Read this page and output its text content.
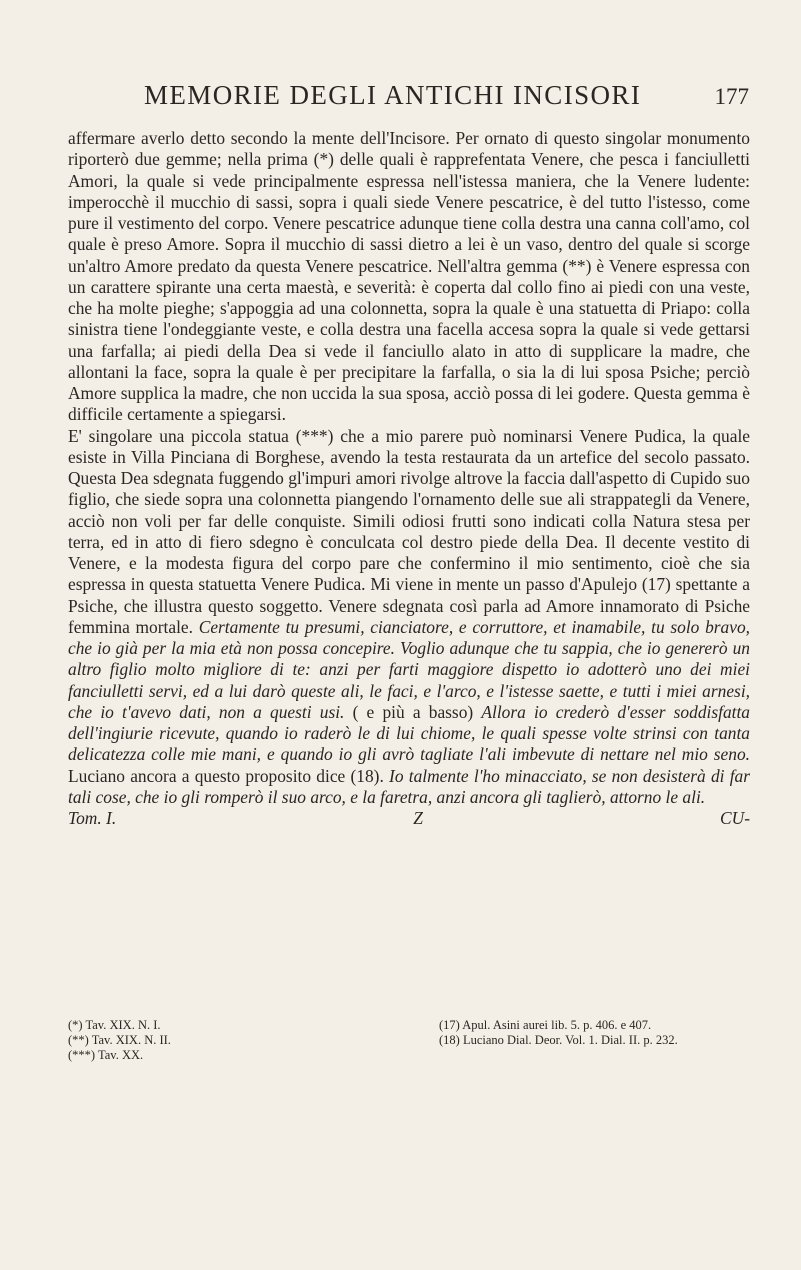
MEMORIE DEGLI ANTICHI INCISORI	177

affermare averlo detto secondo la mente dell'Incisore. Per ornato di questo singolar monumento riporterò due gemme; nella prima (*) delle quali è rapprefentata Venere, che pesca i fanciulletti Amori, la quale si vede principalmente espressa nell'istessa maniera, che la Venere ludente: imperocchè il mucchio di sassi, sopra i quali siede Venere pescatrice, è del tutto l'istesso, come pure il vestimento del corpo. Venere pescatrice adunque tiene colla destra una canna coll'amo, col quale è preso Amore. Sopra il mucchio di sassi dietro a lei è un vaso, dentro del quale si scorge un'altro Amore predato da questa Venere pescatrice. Nell'altra gemma (**) è Venere espressa con un carattere spirante una certa maestà, e severità: è coperta dal collo fino ai piedi con una veste, che ha molte pieghe; s'appoggia ad una colonnetta, sopra la quale è una statuetta di Priapo: colla sinistra tiene l'ondeggiante veste, e colla destra una facella accesa sopra la quale si vede gettarsi una farfalla; ai piedi della Dea si vede il fanciullo alato in atto di supplicare la madre, che allontani la face, sopra la quale è per precipitare la farfalla, o sia la di lui sposa Psiche; perciò Amore supplica la madre, che non uccida la sua sposa, acciò possa di lei godere. Questa gemma è difficile certamente a spiegarsi.

E' singolare una piccola statua (***) che a mio parere può nominarsi Venere Pudica, la quale esiste in Villa Pinciana di Borghese, avendo la testa restaurata da un artefice del secolo passato. Questa Dea sdegnata fuggendo gl'impuri amori rivolge altrove la faccia dall'aspetto di Cupido suo figlio, che siede sopra una colonnetta piangendo l'ornamento delle sue ali strappategli da Venere, acciò non voli per far delle conquiste. Simili odiosi frutti sono indicati colla Natura stesa per terra, ed in atto di fiero sdegno è conculcata col destro piede della Dea. Il decente vestito di Venere, e la modesta figura del corpo pare che confermino il mio sentimento, cioè che sia espressa in questa statuetta Venere Pudica. Mi viene in mente un passo d'Apulejo (17) spettante a Psiche, che illustra questo soggetto. Venere sdegnata così parla ad Amore innamorato di Psiche femmina mortale. Certamente tu presumi, cianciatore, e corruttore, et inamabile, tu solo bravo, che io già per la mia età non possa concepire. Voglio adunque che tu sappia, che io genererò un altro figlio molto migliore di te: anzi per farti maggiore dispetto io adotterò uno dei miei fanciulletti servi, ed a lui darò queste ali, le faci, e l'arco, e l'istesse saette, e tutti i miei arnesi, che io t'avevo dati, non a questi usi. ( e più a basso) Allora io crederò d'esser soddisfatta dell'ingiurie ricevute, quando io raderò le di lui chiome, le quali spesse volte strinsi con tanta delicatezza colle mie mani, e quando io gli avrò tagliate l'ali imbevute di nettare nel mio seno. Luciano ancora a questo proposito dice (18). Io talmente l'ho minacciato, se non desisterà di far tali cose, che io gli romperò il suo arco, e la faretra, anzi ancora gli taglierò, attorno le ali.

Tom. I.	Z	CU-
(*) Tav. XIX. N. I.
(**) Tav. XIX. N. II.
(***) Tav. XX.
(17) Apul. Asini aurei lib. 5. p. 406. e 407.
(18) Luciano Dial. Deor. Vol. 1. Dial. II. p. 232.
